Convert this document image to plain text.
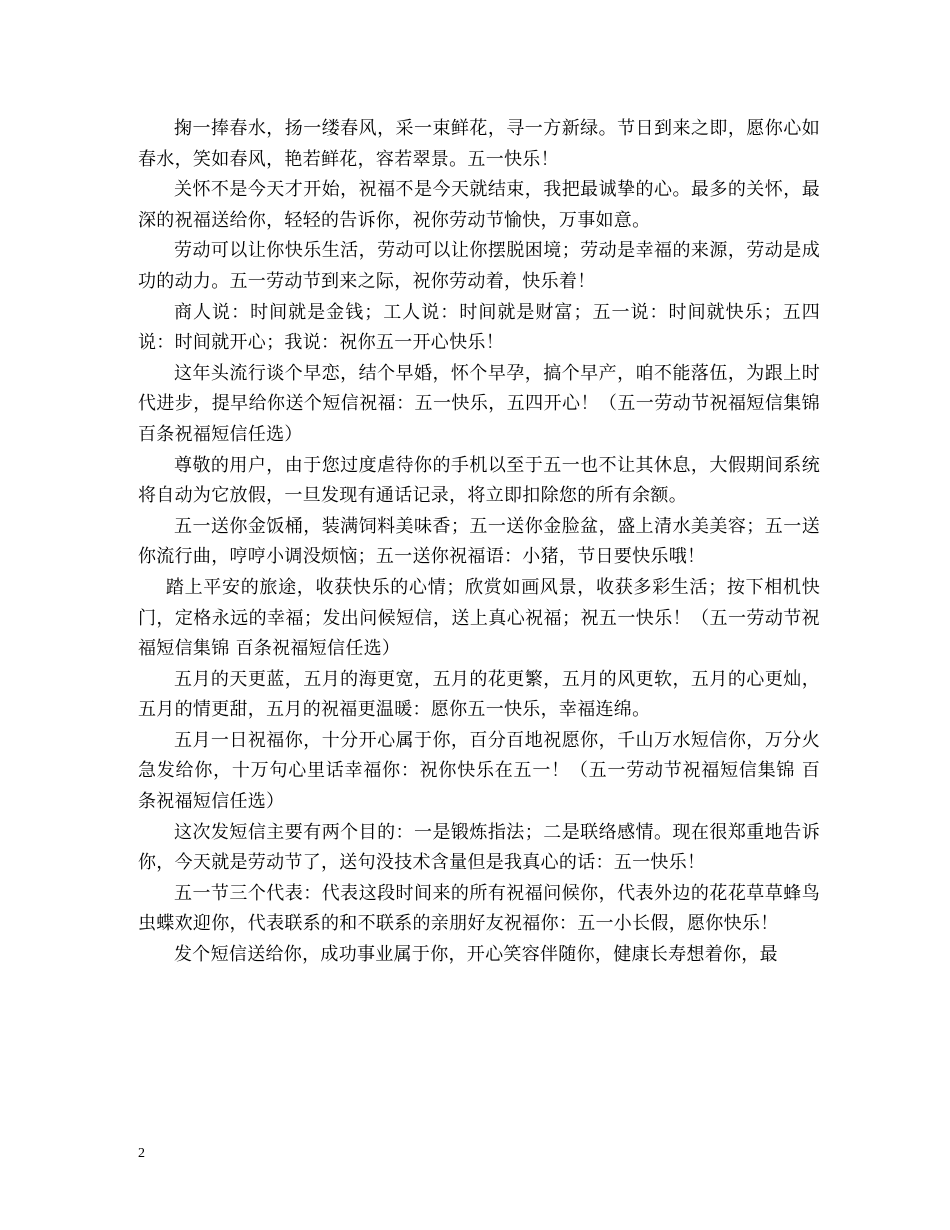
掬一捧春水，扬一缕春风，采一束鲜花，寻一方新绿。节日到来之即，愿你心如春水，笑如春风，艳若鲜花，容若翠景。五一快乐！

关怀不是今天才开始，祝福不是今天就结束，我把最诚挚的心。最多的关怀，最深的祝福送给你，轻轻的告诉你，祝你劳动节愉快，万事如意。

劳动可以让你快乐生活，劳动可以让你摆脱困境；劳动是幸福的来源，劳动是成功的动力。五一劳动节到来之际，祝你劳动着，快乐着！

商人说：时间就是金钱；工人说：时间就是财富；五一说：时间就快乐；五四说：时间就开心；我说：祝你五一开心快乐！

这年头流行谈个早恋，结个早婚，怀个早孕，搞个早产，咱不能落伍，为跟上时代进步，提早给你送个短信祝福：五一快乐，五四开心！（五一劳动节祝福短信集锦 百条祝福短信任选）

尊敬的用户，由于您过度虐待你的手机以至于五一也不让其休息，大假期间系统将自动为它放假，一旦发现有通话记录，将立即扣除您的所有余额。

五一送你金饭桶，装满饲料美味香；五一送你金脸盆，盛上清水美美容；五一送你流行曲，哼哼小调没烦恼；五一送你祝福语：小猪，节日要快乐哦！

踏上平安的旅途，收获快乐的心情；欣赏如画风景，收获多彩生活；按下相机快门，定格永远的幸福；发出问候短信，送上真心祝福；祝五一快乐！（五一劳动节祝福短信集锦 百条祝福短信任选）

五月的天更蓝，五月的海更宽，五月的花更繁，五月的风更软，五月的心更灿，五月的情更甜，五月的祝福更温暖：愿你五一快乐，幸福连绵。

五月一日祝福你，十分开心属于你，百分百地祝愿你，千山万水短信你，万分火急发给你，十万句心里话幸福你：祝你快乐在五一！（五一劳动节祝福短信集锦 百条祝福短信任选）

这次发短信主要有两个目的：一是锻炼指法；二是联络感情。现在很郑重地告诉你，今天就是劳动节了，送句没技术含量但是我真心的话：五一快乐！

五一节三个代表：代表这段时间来的所有祝福问候你，代表外边的花花草草蜂鸟虫蝶欢迎你，代表联系的和不联系的亲朋好友祝福你：五一小长假，愿你快乐！

发个短信送给你，成功事业属于你，开心笑容伴随你，健康长寿想着你，最

2
